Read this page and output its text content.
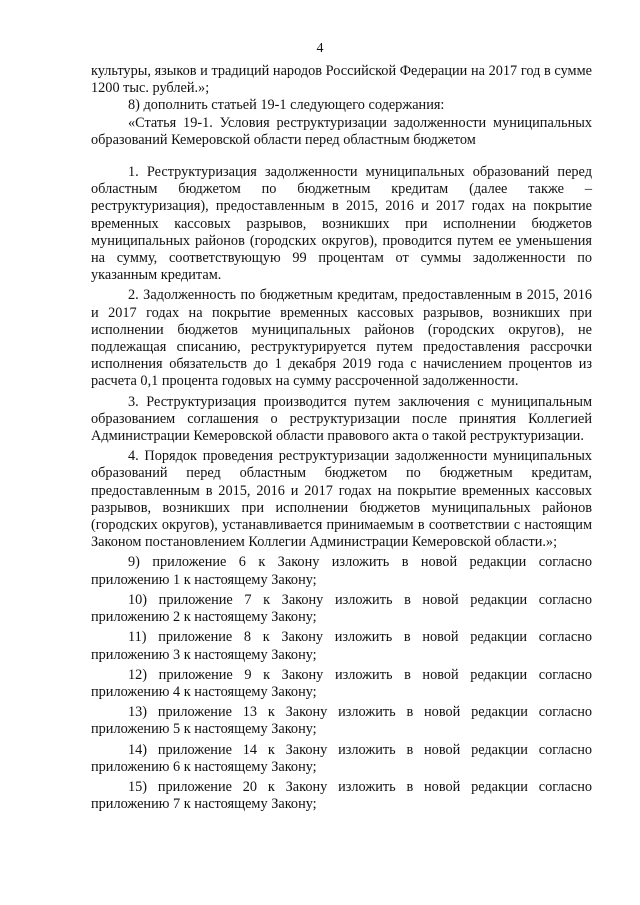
4

культуры, языков и традиций народов Российской Федерации на 2017 год в сумме 1200 тыс. рублей.»;

8) дополнить статьей 19-1 следующего содержания:

«Статья 19-1. Условия реструктуризации задолженности муниципальных образований Кемеровской области перед областным бюджетом

1. Реструктуризация задолженности муниципальных образований перед областным бюджетом по бюджетным кредитам (далее также – реструктуризация), предоставленным в 2015, 2016 и 2017 годах на покрытие временных кассовых разрывов, возникших при исполнении бюджетов муниципальных районов (городских округов), проводится путем ее уменьшения на сумму, соответствующую 99 процентам от суммы задолженности по указанным кредитам.

2. Задолженность по бюджетным кредитам, предоставленным в 2015, 2016 и 2017 годах на покрытие временных кассовых разрывов, возникших при исполнении бюджетов муниципальных районов (городских округов), не подлежащая списанию, реструктурируется путем предоставления рассрочки исполнения обязательств до 1 декабря 2019 года с начислением процентов из расчета 0,1 процента годовых на сумму рассроченной задолженности.

3. Реструктуризация производится путем заключения с муниципальным образованием соглашения о реструктуризации после принятия Коллегией Администрации Кемеровской области правового акта о такой реструктуризации.

4. Порядок проведения реструктуризации задолженности муниципальных образований перед областным бюджетом по бюджетным кредитам, предоставленным в 2015, 2016 и 2017 годах на покрытие временных кассовых разрывов, возникших при исполнении бюджетов муниципальных районов (городских округов), устанавливается принимаемым в соответствии с настоящим Законом постановлением Коллегии Администрации Кемеровской области.»;

9) приложение 6 к Закону изложить в новой редакции согласно приложению 1 к настоящему Закону;

10) приложение 7 к Закону изложить в новой редакции согласно приложению 2 к настоящему Закону;

11) приложение 8 к Закону изложить в новой редакции согласно приложению 3 к настоящему Закону;

12) приложение 9 к Закону изложить в новой редакции согласно приложению 4 к настоящему Закону;

13) приложение 13 к Закону изложить в новой редакции согласно приложению 5 к настоящему Закону;

14) приложение 14 к Закону изложить в новой редакции согласно приложению 6 к настоящему Закону;

15) приложение 20 к Закону изложить в новой редакции согласно приложению 7 к настоящему Закону;
